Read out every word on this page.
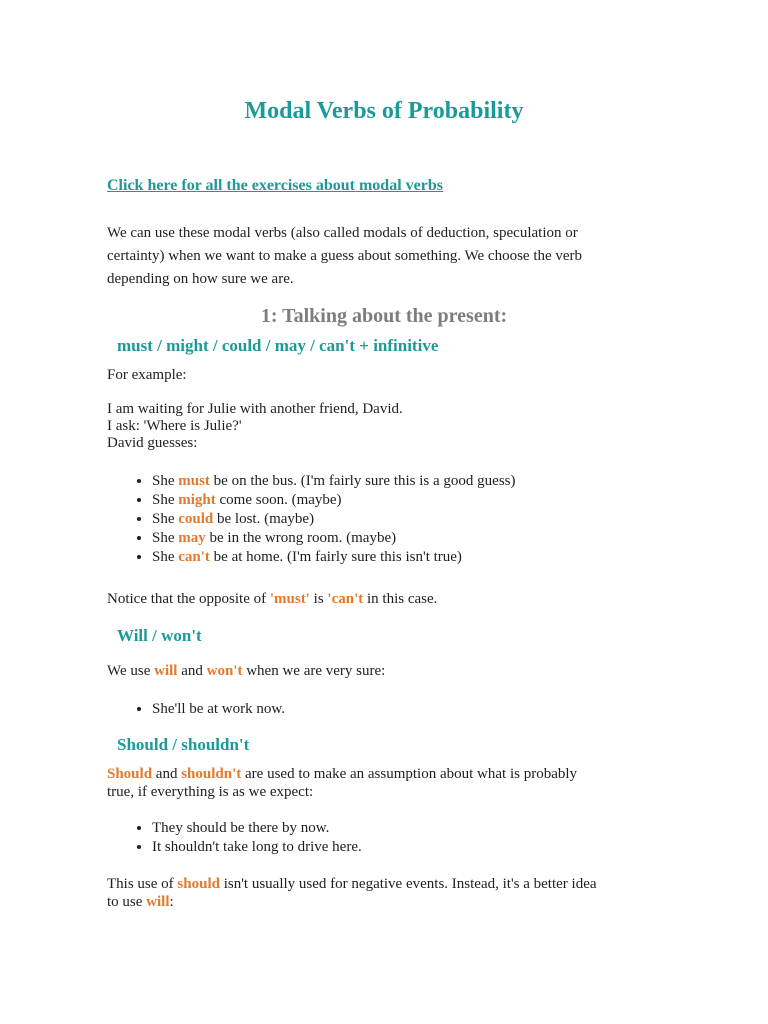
Modal Verbs of Probability
Click here for all the exercises about modal verbs
We can use these modal verbs (also called modals of deduction, speculation or
certainty) when we want to make a guess about something. We choose the verb
depending on how sure we are.
1: Talking about the present:
must / might / could / may / can't + infinitive
For example:
I am waiting for Julie with another friend, David.
I ask: 'Where is Julie?'
David guesses:
• She must be on the bus. (I'm fairly sure this is a good guess)
• She might come soon. (maybe)
• She could be lost. (maybe)
• She may be in the wrong room. (maybe)
• She can't be at home. (I'm fairly sure this isn't true)
Notice that the opposite of 'must' is 'can't in this case.
Will / won't
We use will and won't when we are very sure:
• She'll be at work now.
Should / shouldn't
Should and shouldn't are used to make an assumption about what is probably
true, if everything is as we expect:
• They should be there by now.
• It shouldn't take long to drive here.
This use of should isn't usually used for negative events. Instead, it's a better idea
to use will:
